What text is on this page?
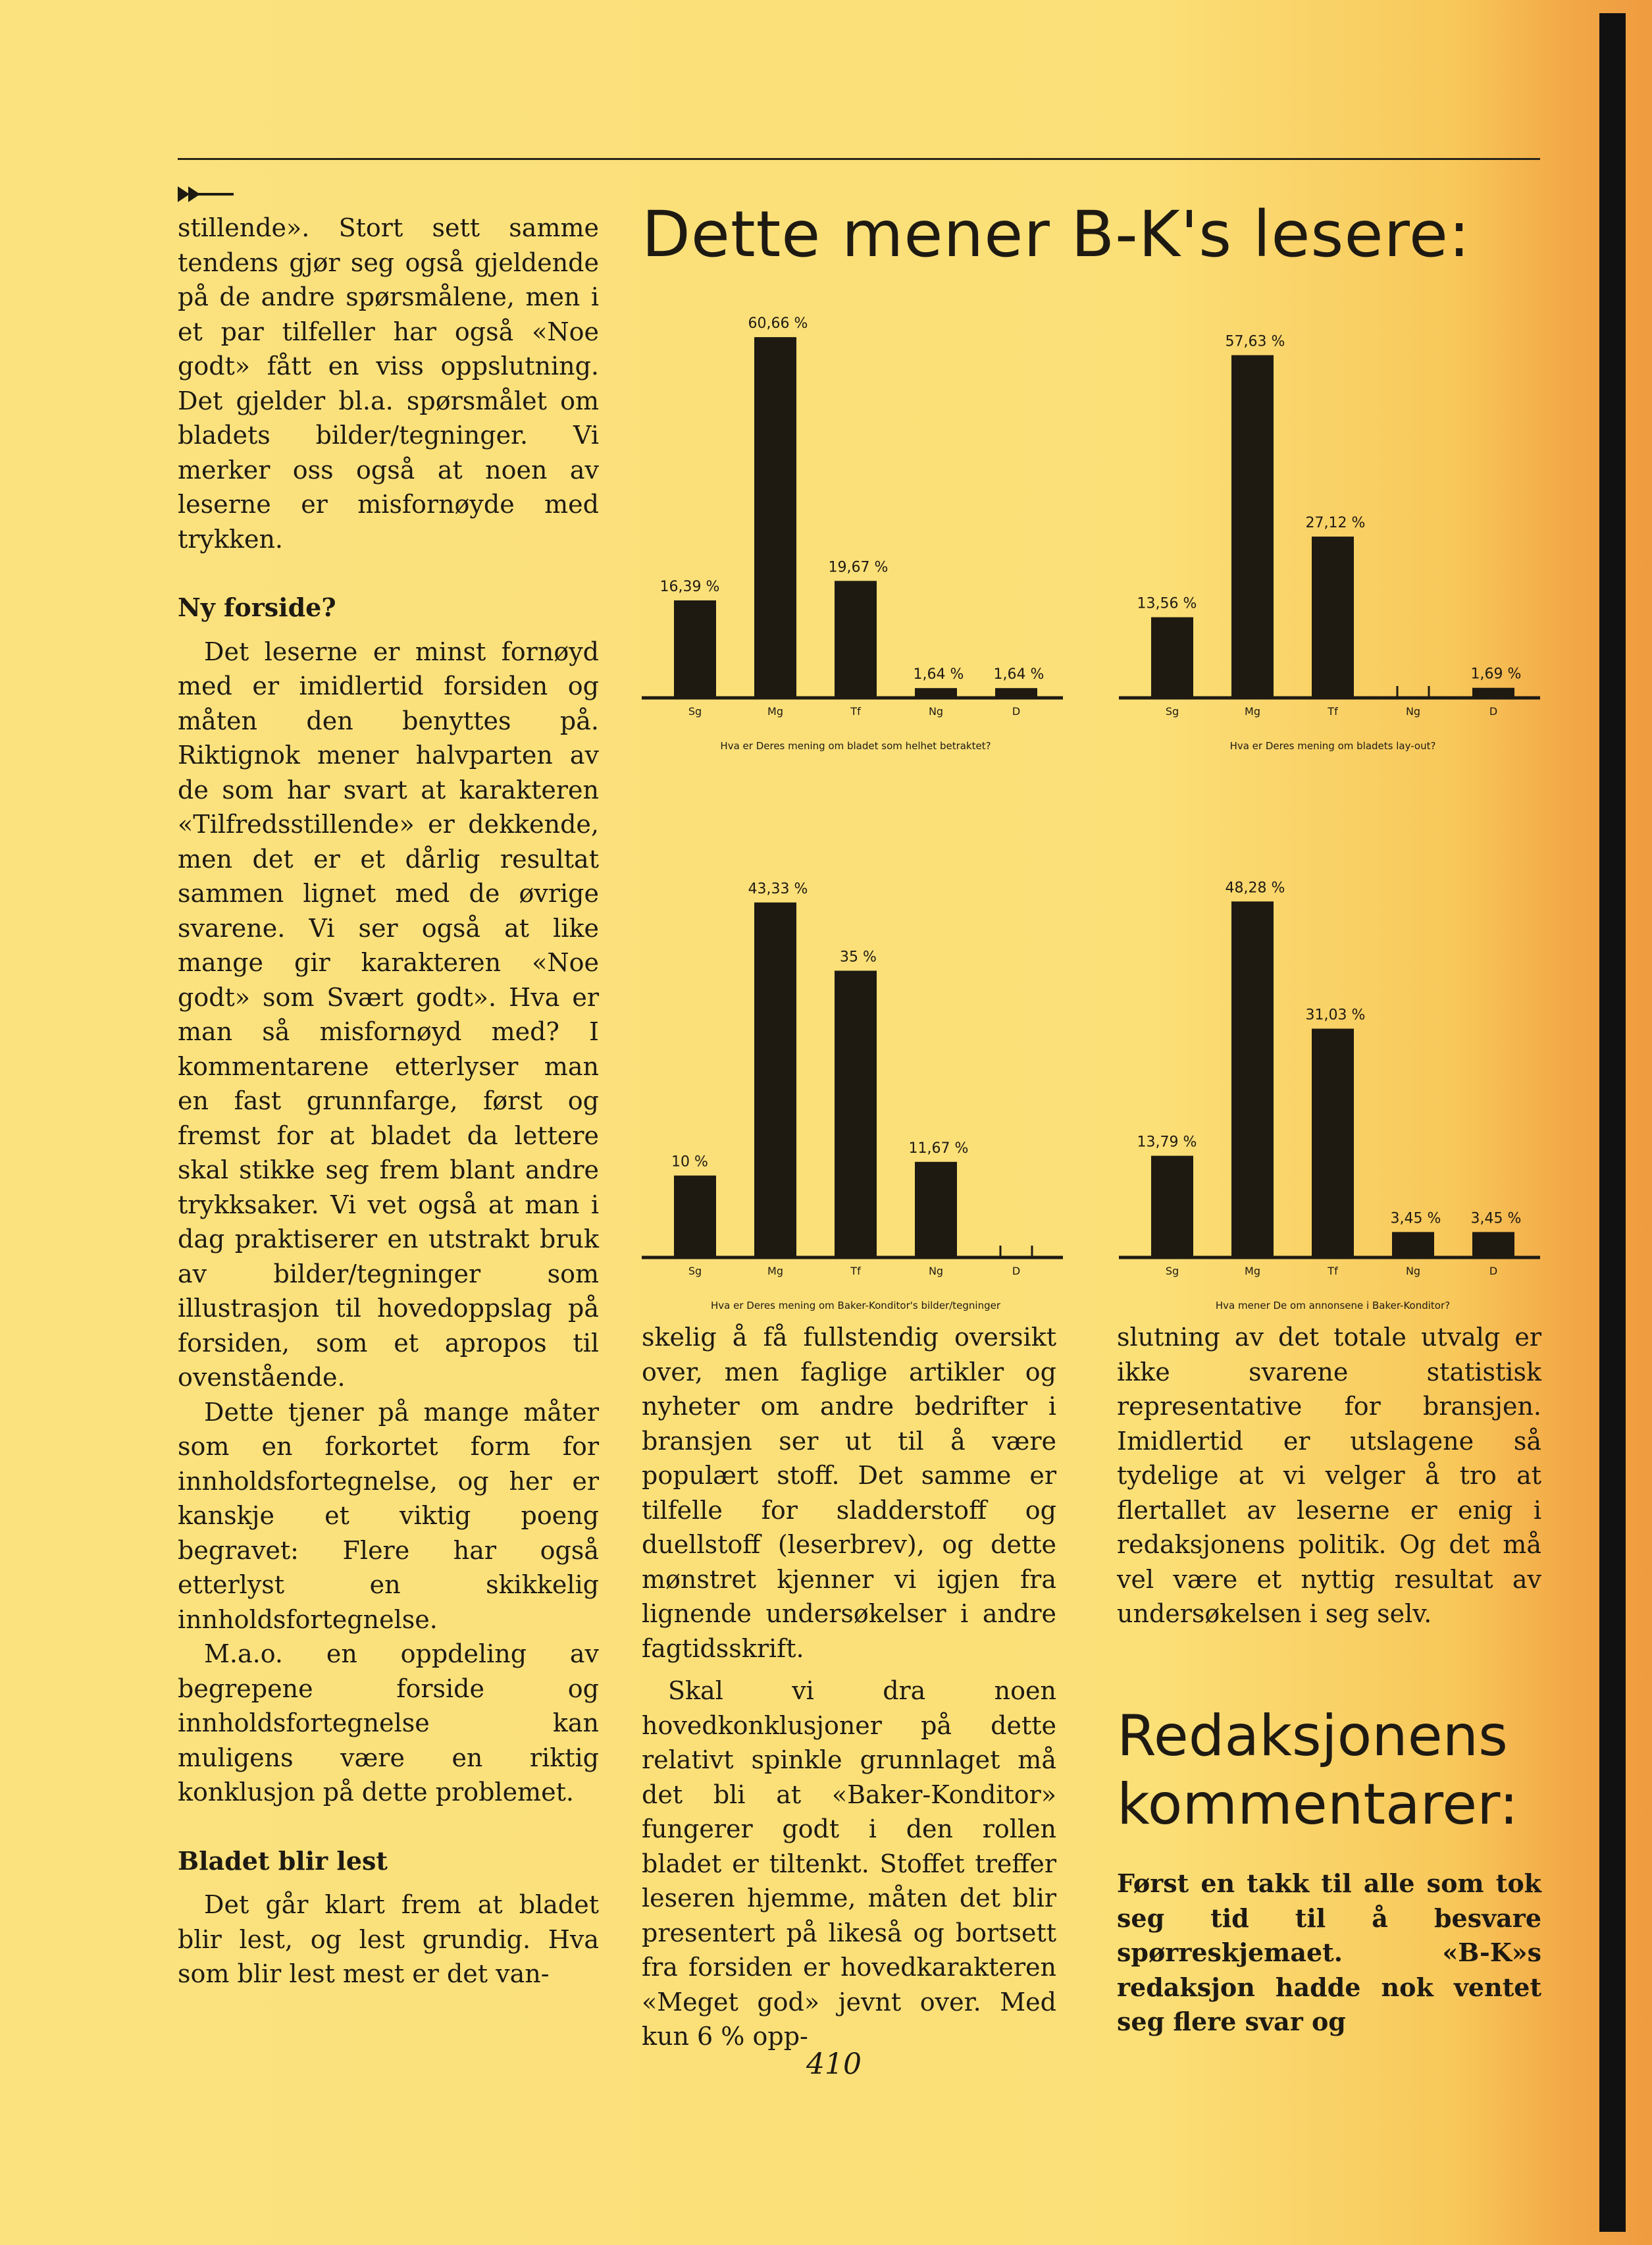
Dette mener B-K's lesere:

stillende». Stort sett samme tendens gjør seg også gjeldende på de andre spørsmålene, men i et par tilfeller har også «Noe godt» fått en viss oppslutning. Det gjelder bl.a. spørsmålet om bladets bilder/tegninger. Vi merker oss også at noen av leserne er misfornøyde med trykken.

Ny forside?

Det leserne er minst fornøyd med er imidlertid forsiden og måten den benyttes på. Riktignok mener halvparten av de som har svart at karakteren «Tilfredsstillende» er dekkende, men det er et dårlig resultat sammen lignet med de øvrige svarene. Vi ser også at like mange gir karakteren «Noe godt» som Svært godt». Hva er man så misfornøyd med? I kommentarene etterlyser man en fast grunnfarge, først og fremst for at bladet da lettere skal stikke seg frem blant andre trykksaker. Vi vet også at man i dag praktiserer en utstrakt bruk av bilder/tegninger som illustrasjon til hovedoppslag på forsiden, som et apropos til ovenstående.

Dette tjener på mange måter som en forkortet form for innholdsfortegnelse, og her er kanskje et viktig poeng begravet: Flere har også etterlyst en skikkelig innholdsfortegnelse.

M.a.o. en oppdeling av begrepene forside og innholdsfortegnelse kan muligens være en riktig konklusjon på dette problemet.

Bladet blir lest

Det går klart frem at bladet blir lest, og lest grundig. Hva som blir lest mest er det van-

16,39 %
Sg
60,66 %
Mg
19,67 %
Tf
1,64 %
Ng
1,64 %
D
Hva er Deres mening om bladet som helhet betraktet?
13,56 %
Sg
57,63 %
Mg
27,12 %
Tf	Ng
1,69 %
D
Hva er Deres mening om bladets lay-out?
10 %
Sg
43,33 %
Mg
35 %
Tf
11,67 %
Ng	D
Hva er Deres mening om Baker-Konditor's bilder/tegninger
13,79 %
Sg
48,28 %
Mg
31,03 %
Tf
3,45 %
Ng
3,45 %
D
Hva mener De om annonsene i Baker-Konditor?

skelig å få fullstendig oversikt over, men faglige artikler og nyheter om andre bedrifter i bransjen ser ut til å være populært stoff. Det samme er tilfelle for sladderstoff og duellstoff (leserbrev), og dette mønstret kjenner vi igjen fra lignende undersøkelser i andre fagtidsskrift.

Skal vi dra noen hovedkonklusjoner på dette relativt spinkle grunnlaget må det bli at «Baker-Konditor» fungerer godt i den rollen bladet er tiltenkt. Stoffet treffer leseren hjemme, måten det blir presentert på likeså og bortsett fra forsiden er hovedkarakteren «Meget god» jevnt over. Med kun 6 % opp-

slutning av det totale utvalg er ikke svarene statistisk representative for bransjen. Imidlertid er utslagene så tydelige at vi velger å tro at flertallet av leserne er enig i redaksjonens politik. Og det må vel være et nyttig resultat av undersøkelsen i seg selv.

Redaksjonens kommentarer:
Først en takk til alle som tok seg tid til å besvare spørreskjemaet. «B-K»s redaksjon hadde nok ventet seg flere svar og
410
